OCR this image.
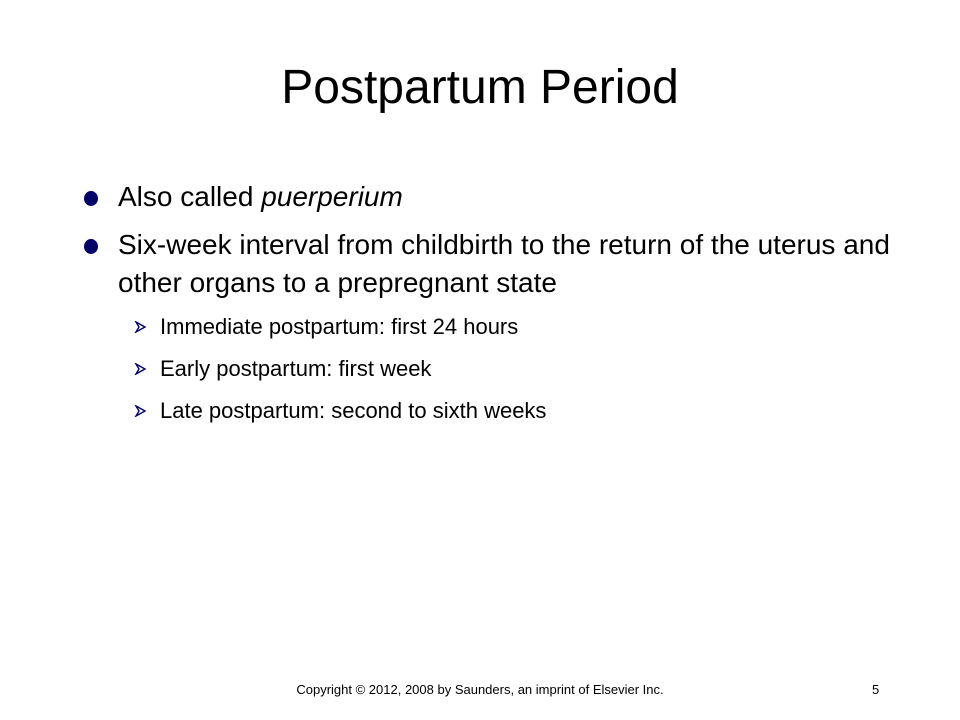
Postpartum Period
Also called puerperium
Six-week interval from childbirth to the return of the uterus and other organs to a prepregnant state
Immediate postpartum: first 24 hours
Early postpartum: first week
Late postpartum: second to sixth weeks
Copyright © 2012, 2008 by Saunders, an imprint of Elsevier Inc.	5
